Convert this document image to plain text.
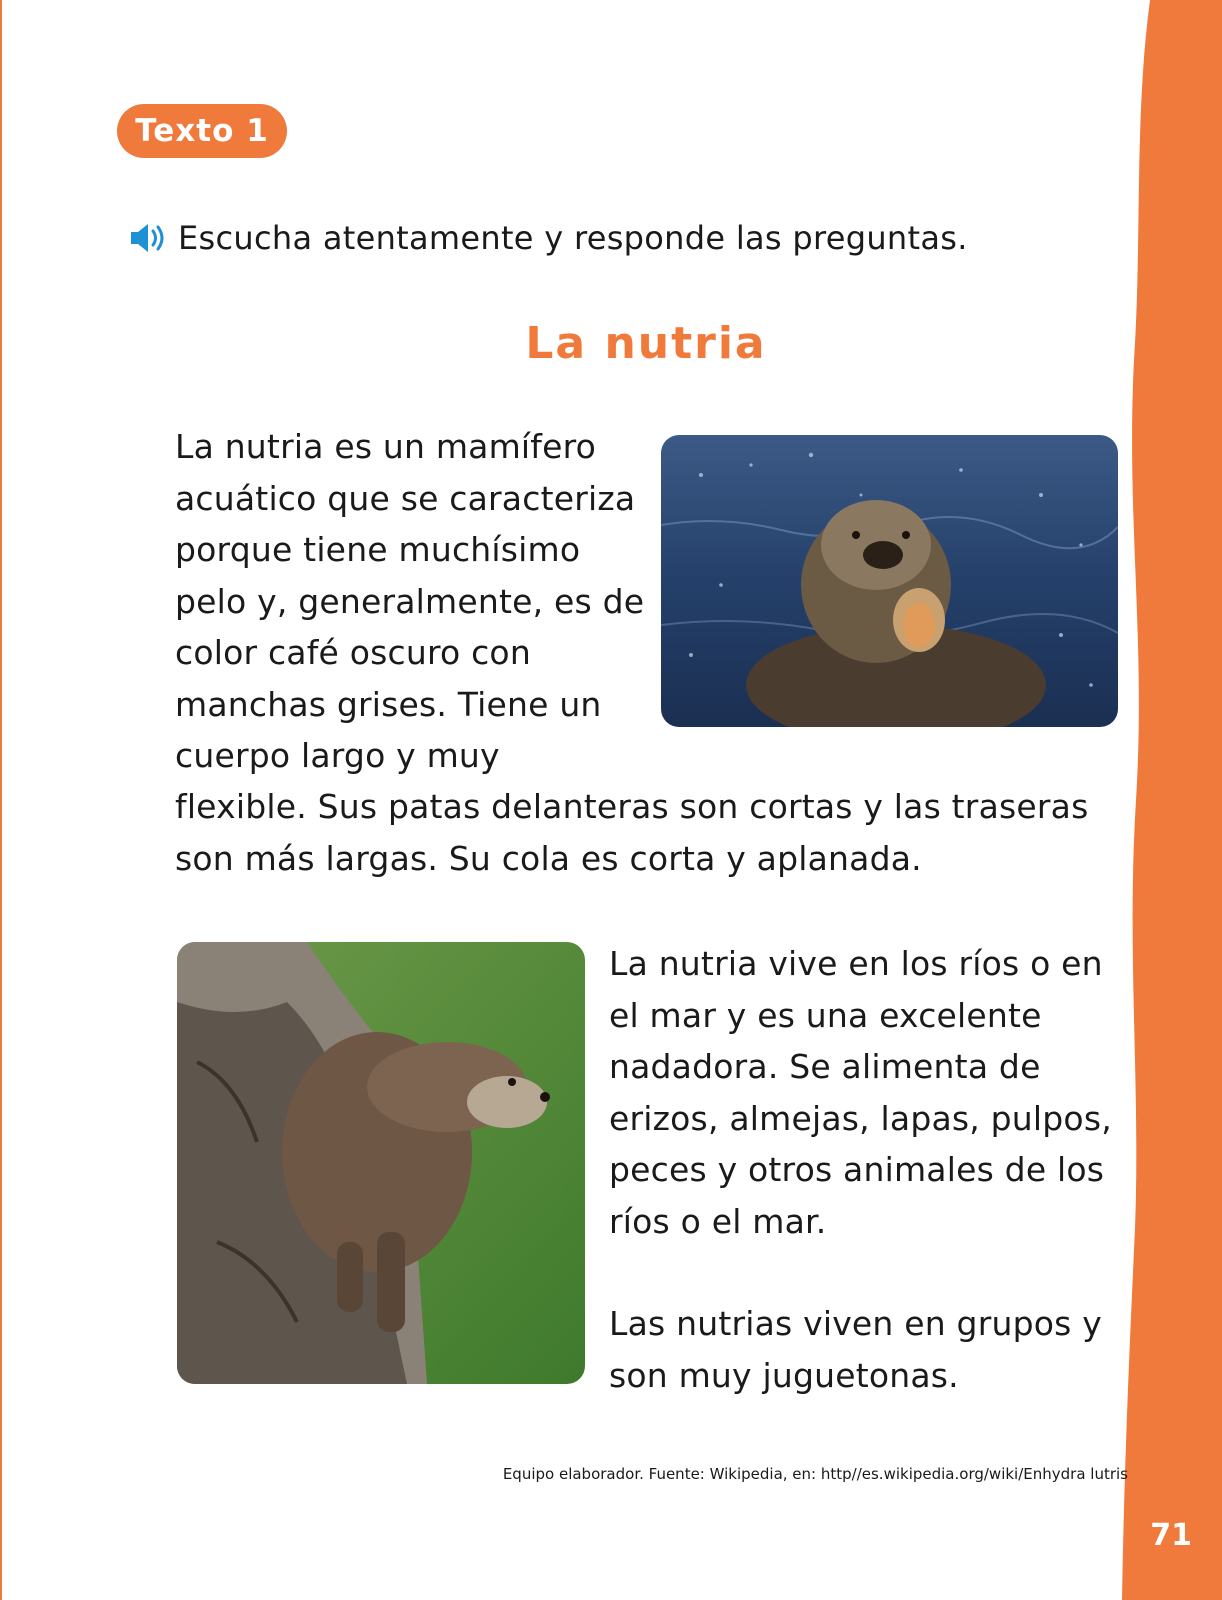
Texto 1
Escucha atentamente y responde las preguntas.
La nutria
La nutria es un mamífero acuático que se caracteriza porque tiene muchísimo pelo y, generalmente, es de color café oscuro con manchas grises. Tiene un cuerpo largo y muy
flexible. Sus patas delanteras son cortas y las traseras son más largas. Su cola es corta y aplanada.
La nutria vive en los ríos o en el mar y es una excelente nadadora. Se alimenta de erizos, almejas, lapas, pulpos, peces y otros animales de los ríos o el mar.
Las nutrias viven en grupos y son muy juguetonas.
Equipo elaborador. Fuente: Wikipedia, en: http//es.wikipedia.org/wiki/Enhydra lutris
71
